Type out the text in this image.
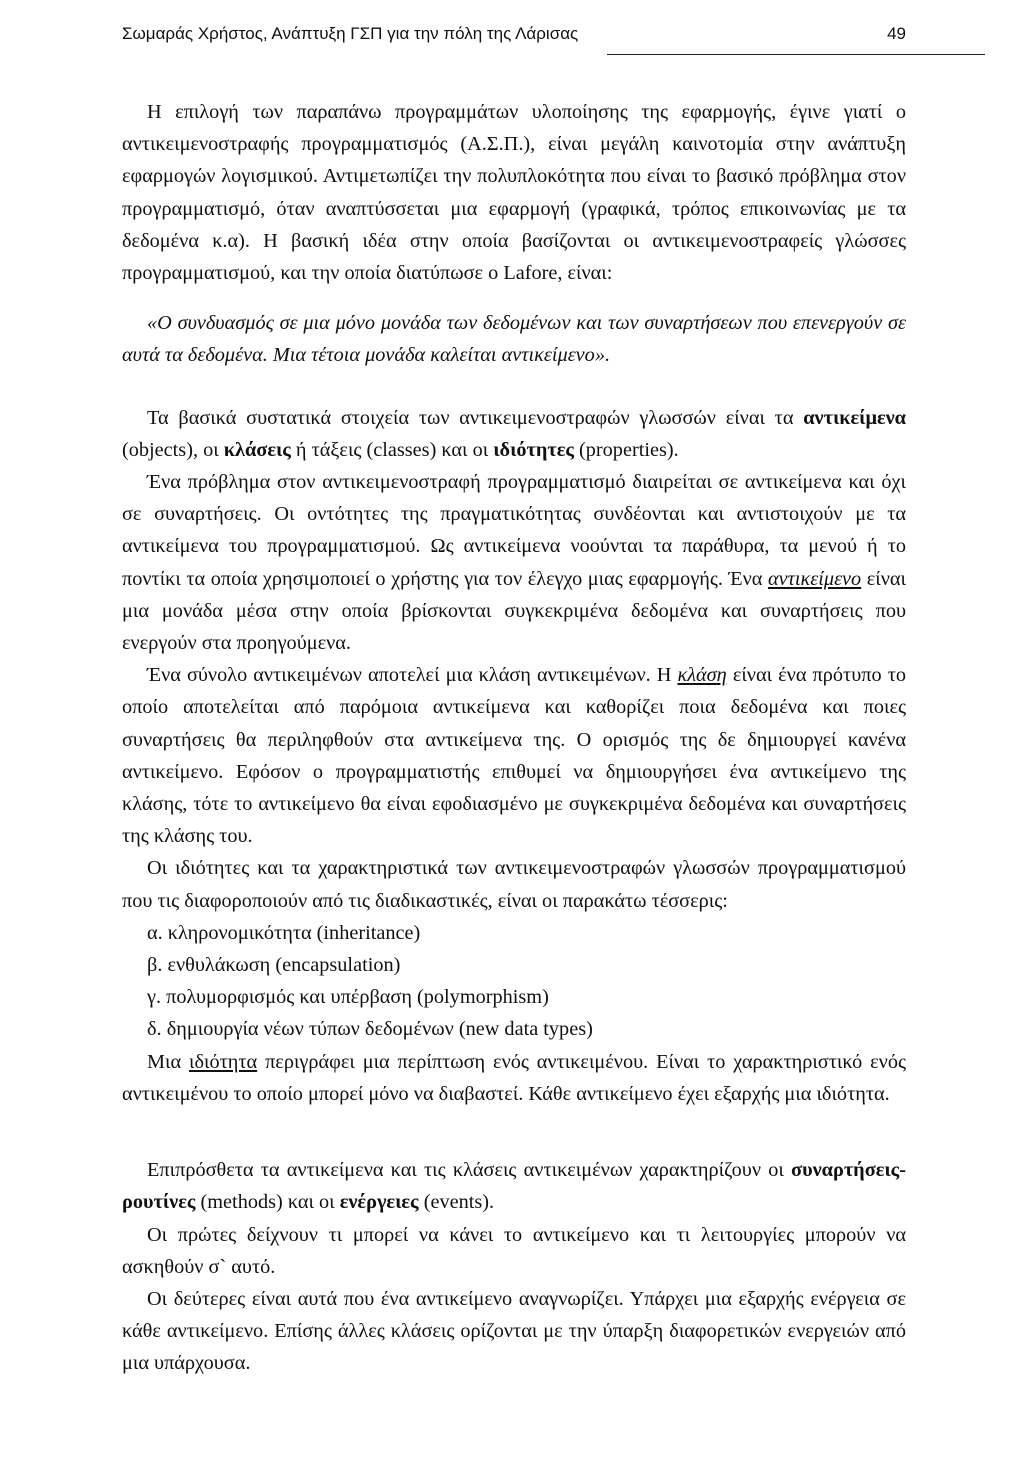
Σωμαράς Χρήστος, Ανάπτυξη ΓΣΠ για την πόλη της Λάρισας	49

Η επιλογή των παραπάνω προγραμμάτων υλοποίησης της εφαρμογής, έγινε γιατί ο αντικειμενοστραφής προγραμματισμός (Α.Σ.Π.), είναι μεγάλη καινοτομία στην ανάπτυξη εφαρμογών λογισμικού. Αντιμετωπίζει την πολυπλοκότητα που είναι το βασικό πρόβλημα στον προγραμματισμό, όταν αναπτύσσεται μια εφαρμογή (γραφικά, τρόπος επικοινωνίας με τα δεδομένα κ.α). Η βασική ιδέα στην οποία βασίζονται οι αντικειμενοστραφείς γλώσσες προγραμματισμού, και την οποία διατύπωσε ο Lafore, είναι:

«Ο συνδυασμός σε μια μόνο μονάδα των δεδομένων και των συναρτήσεων που επενεργούν σε αυτά τα δεδομένα. Μια τέτοια μονάδα καλείται αντικείμενο».

Τα βασικά συστατικά στοιχεία των αντικειμενοστραφών γλωσσών είναι τα αντικείμενα (objects), οι κλάσεις ή τάξεις (classes) και οι ιδιότητες (properties).

Ένα πρόβλημα στον αντικειμενοστραφή προγραμματισμό διαιρείται σε αντικείμενα και όχι σε συναρτήσεις. Οι οντότητες της πραγματικότητας συνδέονται και αντιστοιχούν με τα αντικείμενα του προγραμματισμού. Ως αντικείμενα νοούνται τα παράθυρα, τα μενού ή το ποντίκι τα οποία χρησιμοποιεί ο χρήστης για τον έλεγχο μιας εφαρμογής. Ένα αντικείμενο είναι μια μονάδα μέσα στην οποία βρίσκονται συγκεκριμένα δεδομένα και συναρτήσεις που ενεργούν στα προηγούμενα.

Ένα σύνολο αντικειμένων αποτελεί μια κλάση αντικειμένων. Η κλάση είναι ένα πρότυπο το οποίο αποτελείται από παρόμοια αντικείμενα και καθορίζει ποια δεδομένα και ποιες συναρτήσεις θα περιληφθούν στα αντικείμενα της. Ο ορισμός της δε δημιουργεί κανένα αντικείμενο. Εφόσον ο προγραμματιστής επιθυμεί να δημιουργήσει ένα αντικείμενο της κλάσης, τότε το αντικείμενο θα είναι εφοδιασμένο με συγκεκριμένα δεδομένα και συναρτήσεις της κλάσης του.

Οι ιδιότητες και τα χαρακτηριστικά των αντικειμενοστραφών γλωσσών προγραμματισμού που τις διαφοροποιούν από τις διαδικαστικές, είναι οι παρακάτω τέσσερις:

α. κληρονομικότητα (inheritance)
β. ενθυλάκωση (encapsulation)
γ. πολυμορφισμός και υπέρβαση (polymorphism)
δ. δημιουργία νέων τύπων δεδομένων (new data types)

Μια ιδιότητα περιγράφει μια περίπτωση ενός αντικειμένου. Είναι το χαρακτηριστικό ενός αντικειμένου το οποίο μπορεί μόνο να διαβαστεί. Κάθε αντικείμενο έχει εξαρχής μια ιδιότητα.

Επιπρόσθετα τα αντικείμενα και τις κλάσεις αντικειμένων χαρακτηρίζουν οι συναρτήσεις-ρουτίνες (methods) και οι ενέργειες (events).

Οι πρώτες δείχνουν τι μπορεί να κάνει το αντικείμενο και τι λειτουργίες μπορούν να ασκηθούν σ` αυτό.

Οι δεύτερες είναι αυτά που ένα αντικείμενο αναγνωρίζει. Υπάρχει μια εξαρχής ενέργεια σε κάθε αντικείμενο. Επίσης άλλες κλάσεις ορίζονται με την ύπαρξη διαφορετικών ενεργειών από μια υπάρχουσα.
